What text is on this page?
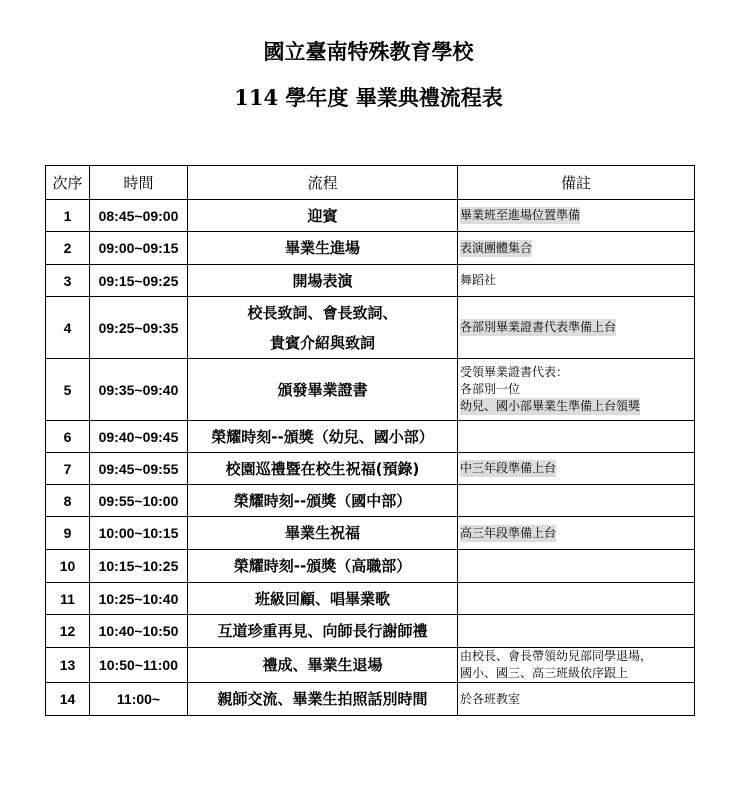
國立臺南特殊教育學校
114 學年度 畢業典禮流程表
次序	時間	流程	備註
1	08:45~09:00	迎賓	畢業班至進場位置準備
2	09:00~09:15	畢業生進場	表演團體集合
3	09:15~09:25	開場表演	舞蹈社

4	09:25~09:35	校長致詞、會長致詞、
貴賓介紹與致詞	各部別畢業證書代表準備上台
5	09:35~09:40	頒發畢業證書	受領畢業證書代表：
各部別一位
幼兒、國小部畢業生準備上台領獎
6	09:40~09:45	榮耀時刻--頒獎（幼兒、國小部）	

7	09:45~09:55	校園巡禮暨在校生祝福(預錄)	中三年段準備上台
8	09:55~10:00	榮耀時刻--頒獎（國中部）	

9	10:00~10:15	畢業生祝福	高三年段準備上台
10	10:15~10:25	榮耀時刻--頒獎（高職部）	

11	10:25~10:40	班級回顧、唱畢業歌	

12	10:40~10:50	互道珍重再見、向師長行謝師禮	

13	10:50~11:00	禮成、畢業生退場	由校長、會長帶領幼兒部同學退場，
國小、國三、高三班級依序跟上

14	11:00~	親師交流、畢業生拍照話別時間	於各班教室
